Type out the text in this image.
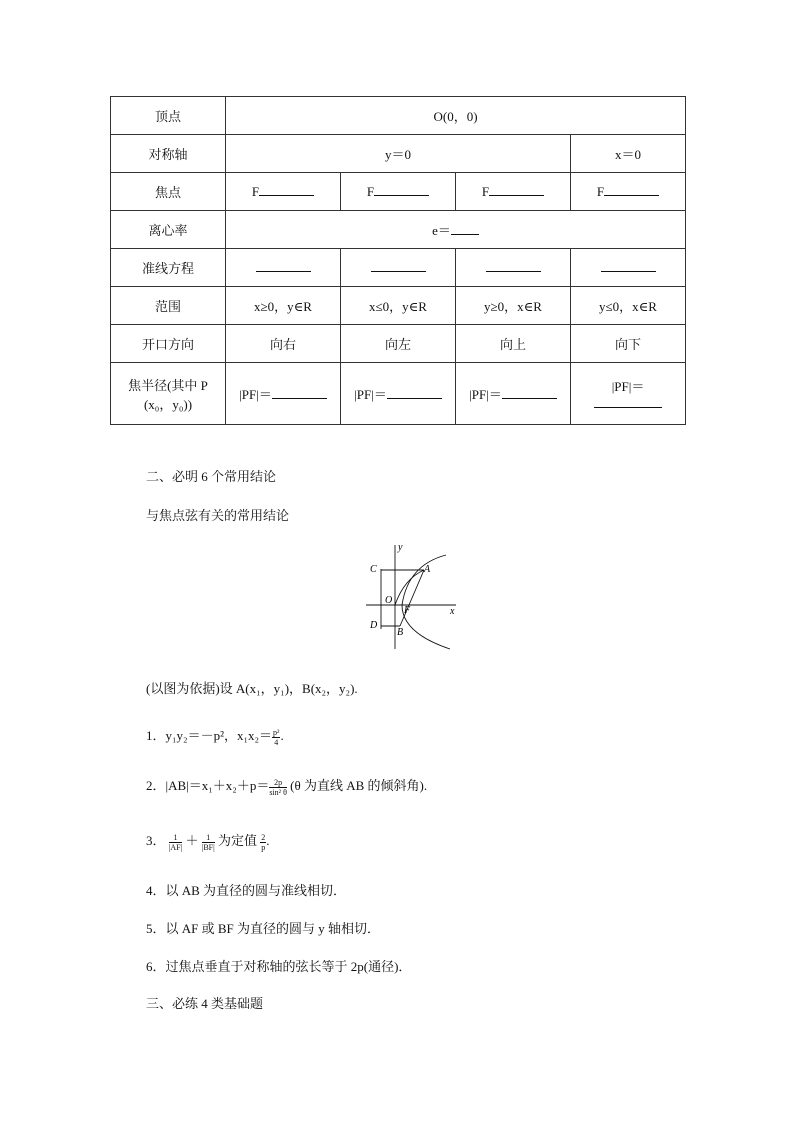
顶点	O(0，0)			
对称轴	y＝0			x＝0
焦点	F	F	F	F
离心率	e＝			
准线方程				
范围	x≥0，y∈R	x≤0，y∈R	y≥0，x∈R	y≤0，x∈R
开口方向	向右	向左	向上	向下

焦半径(其中 P
(x₀，y₀))	|PF|＝	|PF|＝	|PF|＝	|PF|＝
二、必明 6 个常用结论
与焦点弦有关的常用结论
C	A
O
F
D
B
x
y
(以图为依据)设 A(x₁，y₁)，B(x₂，y₂).
1．y₁y₂＝－p²，$x_1x_2= \frac{\text{p²}}{4}$ .
2．$|AB|=x_1+x_2+p= \frac{2p}{\text{sin² θ}} (\theta$ 为直线 AB 的倾斜角).
3． $\frac{1}{|AF|} + \frac{1}{|BF|}$ 为定值 $\frac{2}{p}$ .
4．以 AB 为直径的圆与准线相切．
5．以 AF 或 BF 为直径的圆与 y 轴相切．
6．过焦点垂直于对称轴的弦长等于 2p(通径)．
三、必练 4 类基础题
